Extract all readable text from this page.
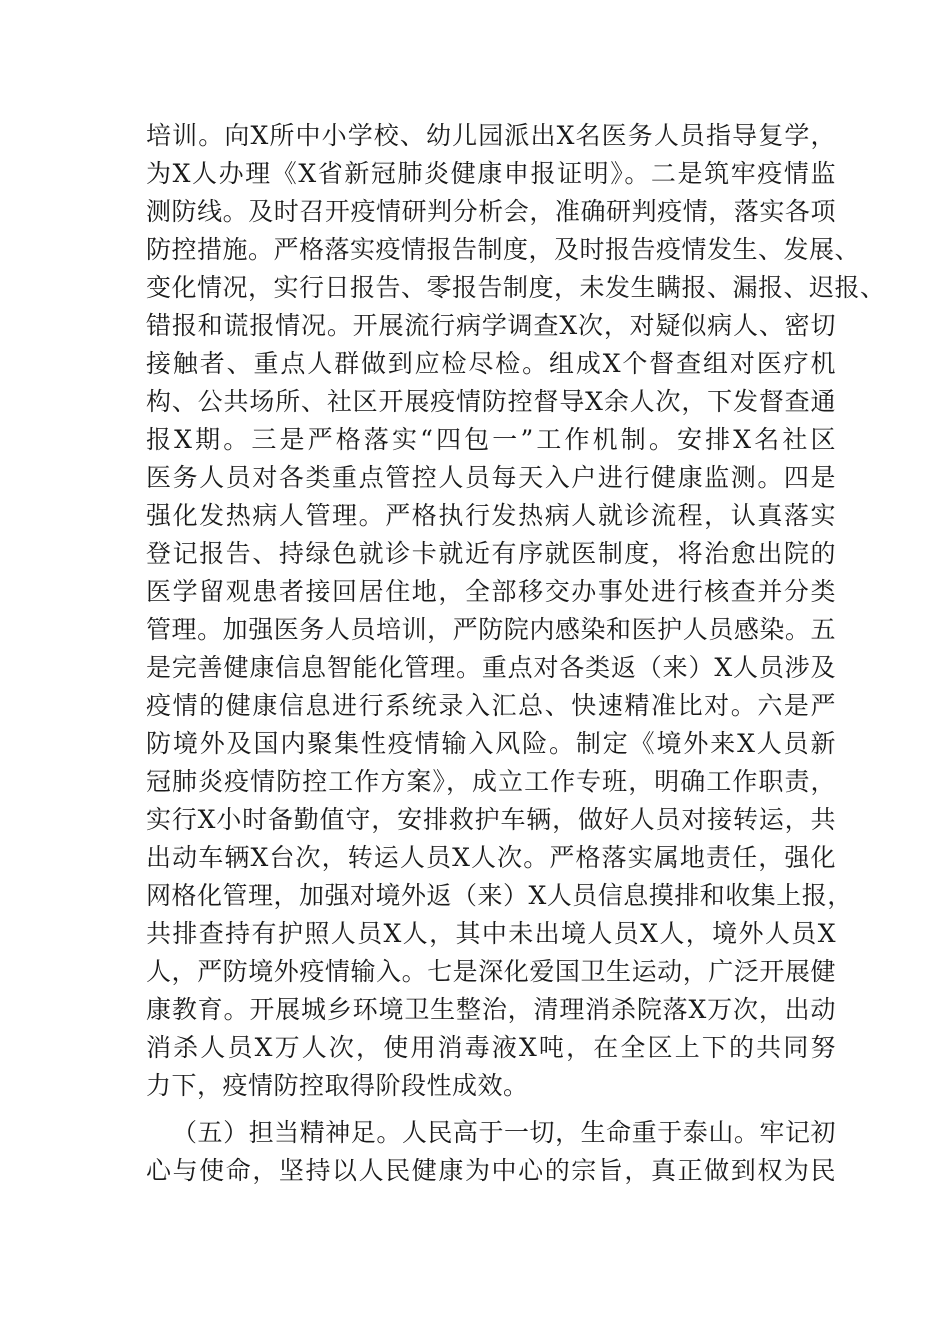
培训。向X所中小学校、幼儿园派出X名医务人员指导复学，
为X人办理《X省新冠肺炎健康申报证明》。二是筑牢疫情监
测防线。及时召开疫情研判分析会，准确研判疫情，落实各项
防控措施。严格落实疫情报告制度，及时报告疫情发生、发展、
变化情况，实行日报告、零报告制度，未发生瞒报、漏报、迟报、
错报和谎报情况。开展流行病学调查X次，对疑似病人、密切
接触者、重点人群做到应检尽检。组成X个督查组对医疗机
构、公共场所、社区开展疫情防控督导X余人次，下发督查通
报X期。三是严格落实“四包一”工作机制。安排X名社区
医务人员对各类重点管控人员每天入户进行健康监测。四是
强化发热病人管理。严格执行发热病人就诊流程，认真落实
登记报告、持绿色就诊卡就近有序就医制度，将治愈出院的
医学留观患者接回居住地，全部移交办事处进行核查并分类
管理。加强医务人员培训，严防院内感染和医护人员感染。五
是完善健康信息智能化管理。重点对各类返（来）X人员涉及
疫情的健康信息进行系统录入汇总、快速精准比对。六是严
防境外及国内聚集性疫情输入风险。制定《境外来X人员新
冠肺炎疫情防控工作方案》，成立工作专班，明确工作职责，
实行X小时备勤值守，安排救护车辆，做好人员对接转运，共
出动车辆X台次，转运人员X人次。严格落实属地责任，强化
网格化管理，加强对境外返（来）X人员信息摸排和收集上报，
共排查持有护照人员X人，其中未出境人员X人，境外人员X
人，严防境外疫情输入。七是深化爱国卫生运动，广泛开展健
康教育。开展城乡环境卫生整治，清理消杀院落X万次，出动
消杀人员X万人次，使用消毒液X吨，在全区上下的共同努
力下，疫情防控取得阶段性成效。
（五）担当精神足。人民高于一切，生命重于泰山。牢记初
心与使命，坚持以人民健康为中心的宗旨，真正做到权为民
